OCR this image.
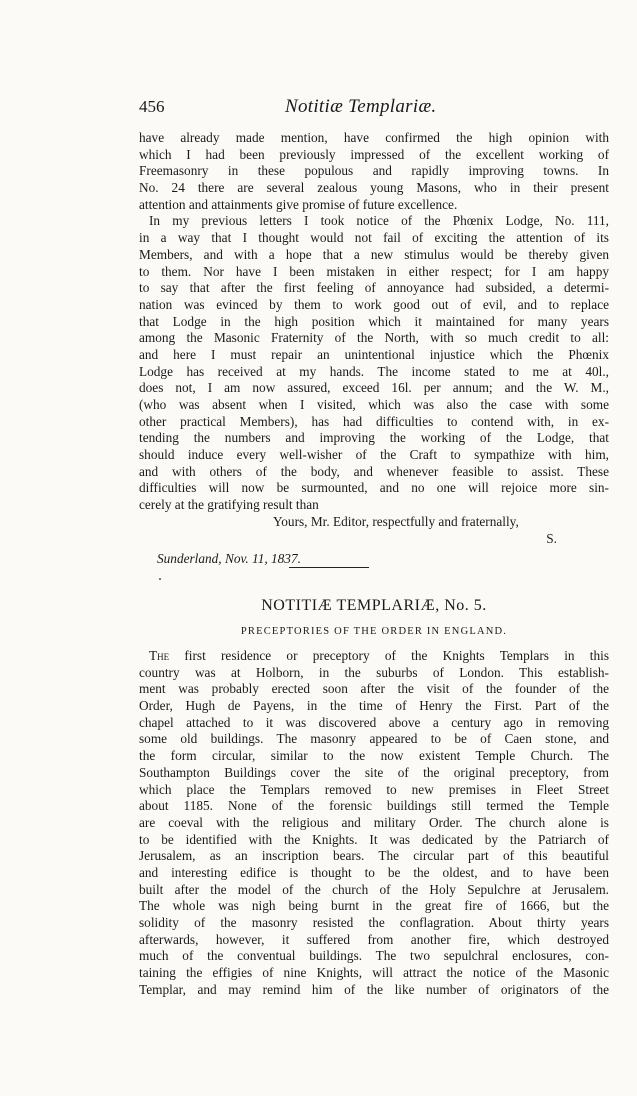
456	Notitiæ Templariæ.
have already made mention, have confirmed the high opinion with
which I had been previously impressed of the excellent working of
Freemasonry in these populous and rapidly improving towns. In
No. 24 there are several zealous young Masons, who in their present
attention and attainments give promise of future excellence.
In my previous letters I took notice of the Phœnix Lodge, No. 111,
in a way that I thought would not fail of exciting the attention of its
Members, and with a hope that a new stimulus would be thereby given
to them. Nor have I been mistaken in either respect; for I am happy
to say that after the first feeling of annoyance had subsided, a determi-
nation was evinced by them to work good out of evil, and to replace
that Lodge in the high position which it maintained for many years
among the Masonic Fraternity of the North, with so much credit to all:
and here I must repair an unintentional injustice which the Phœnix
Lodge has received at my hands. The income stated to me at 40l.,
does not, I am now assured, exceed 16l. per annum; and the W. M.,
(who was absent when I visited, which was also the case with some
other practical Members), has had difficulties to contend with, in ex-
tending the numbers and improving the working of the Lodge, that
should induce every well-wisher of the Craft to sympathize with him,
and with others of the body, and whenever feasible to assist. These
difficulties will now be surmounted, and no one will rejoice more sin-
cerely at the gratifying result than
Yours, Mr. Editor, respectfully and fraternally,
S.
Sunderland, Nov. 11, 1837.
NOTITIÆ TEMPLARIÆ, No. 5.
PRECEPTORIES OF THE ORDER IN ENGLAND.
The first residence or preceptory of the Knights Templars in this
country was at Holborn, in the suburbs of London. This establish-
ment was probably erected soon after the visit of the founder of the
Order, Hugh de Payens, in the time of Henry the First. Part of the
chapel attached to it was discovered above a century ago in removing
some old buildings. The masonry appeared to be of Caen stone, and
the form circular, similar to the now existent Temple Church. The
Southampton Buildings cover the site of the original preceptory, from
which place the Templars removed to new premises in Fleet Street
about 1185. None of the forensic buildings still termed the Temple
are coeval with the religious and military Order. The church alone is
to be identified with the Knights. It was dedicated by the Patriarch of
Jerusalem, as an inscription bears. The circular part of this beautiful
and interesting edifice is thought to be the oldest, and to have been
built after the model of the church of the Holy Sepulchre at Jerusalem.
The whole was nigh being burnt in the great fire of 1666, but the
solidity of the masonry resisted the conflagration. About thirty years
afterwards, however, it suffered from another fire, which destroyed
much of the conventual buildings. The two sepulchral enclosures, con-
taining the effigies of nine Knights, will attract the notice of the Masonic
Templar, and may remind him of the like number of originators of the
